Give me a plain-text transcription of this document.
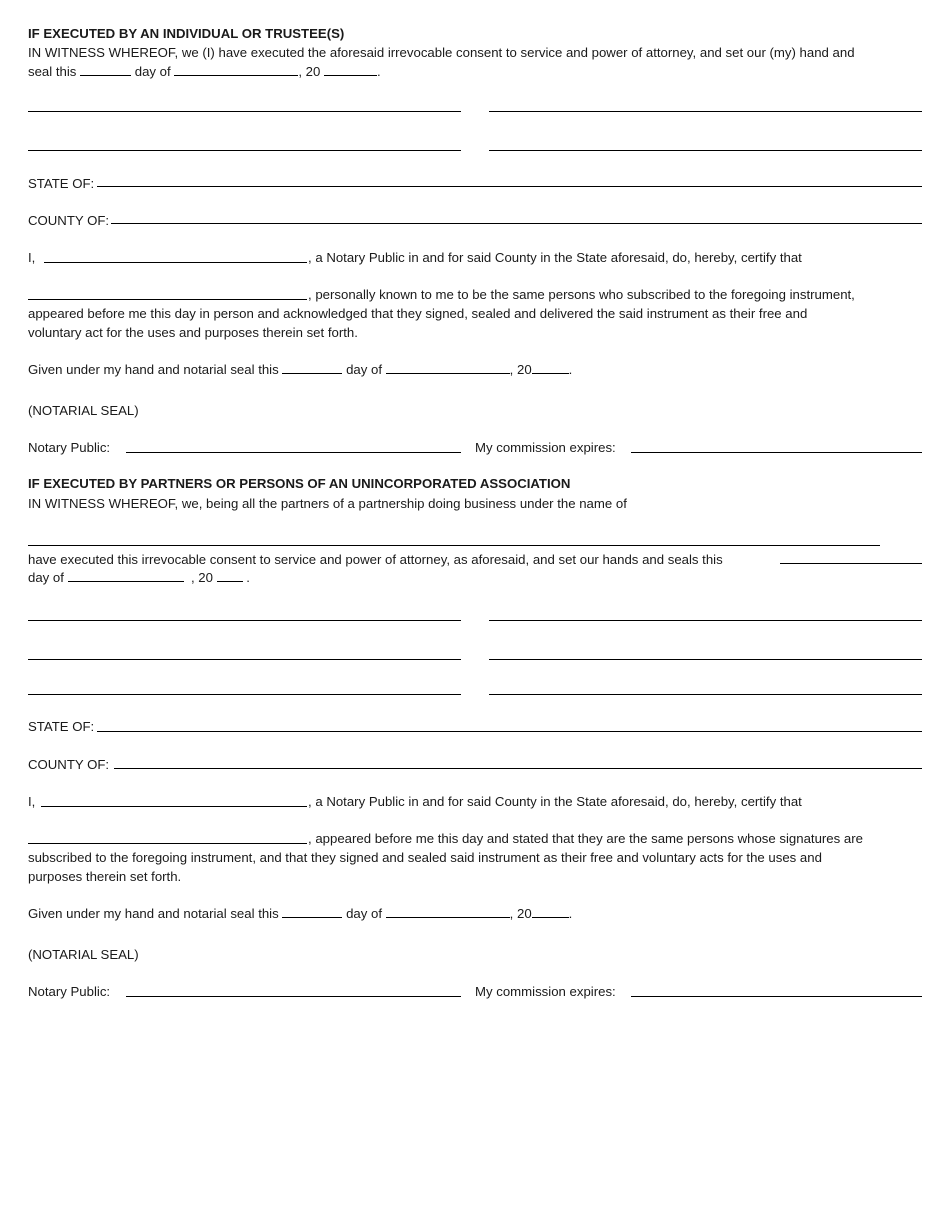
IF EXECUTED BY AN INDIVIDUAL OR TRUSTEE(S)
IN WITNESS WHEREOF, we (I) have executed the aforesaid irrevocable consent to service and power of attorney, and set our (my) hand and
seal this	day of	, 20	.
STATE OF:
COUNTY OF:
I,	, a Notary Public in and for said County in the State aforesaid, do, hereby, certify that
, personally known to me to be the same persons who subscribed to the foregoing instrument,
appeared before me this day in person and acknowledged that they signed, sealed and delivered the said instrument as their free and
voluntary act for the uses and purposes therein set forth.
Given under my hand and notarial seal this	day of	, 20	.
(NOTARIAL SEAL)
Notary Public:	My commission expires:
IF EXECUTED BY PARTNERS OR PERSONS OF AN UNINCORPORATED ASSOCIATION
IN WITNESS WHEREOF, we, being all the partners of a partnership doing business under the name of
have executed this irrevocable consent to service and power of attorney, as aforesaid, and set our hands and seals this
day of	, 20	.
STATE OF:
COUNTY OF:
I,	, a Notary Public in and for said County in the State aforesaid, do, hereby, certify that
, appeared before me this day and stated that they are the same persons whose signatures are
subscribed to the foregoing instrument, and that they signed and sealed said instrument as their free and voluntary acts for the uses and
purposes therein set forth.
Given under my hand and notarial seal this	day of	, 20	.
(NOTARIAL SEAL)
Notary Public:	My commission expires:
